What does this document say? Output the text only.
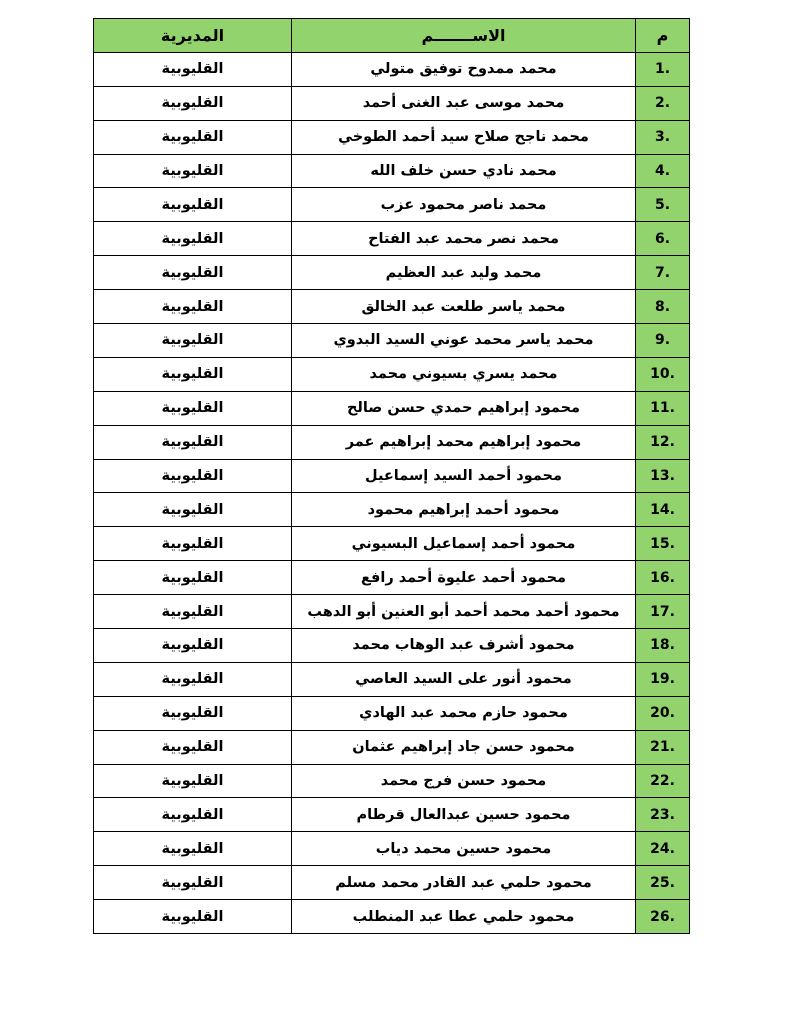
المديرية	الاســـــــم	م
القليوبية	محمد ممدوح توفيق متولي	1.
القليوبية	محمد موسى عبد الغنى أحمد	2.
القليوبية	محمد ناجح صلاح سيد أحمد الطوخي	3.
القليوبية	محمد نادي حسن خلف الله	4.
القليوبية	محمد ناصر محمود عزب	5.
القليوبية	محمد نصر محمد عبد الفتاح	6.
القليوبية	محمد وليد عبد العظيم	7.
القليوبية	محمد ياسر طلعت عبد الخالق	8.
القليوبية	محمد ياسر محمد عوني السيد البدوي	9.
القليوبية	محمد يسري بسيوني محمد	10.
القليوبية	محمود إبراهيم حمدي حسن صالح	11.
القليوبية	محمود إبراهيم محمد إبراهيم عمر	12.
القليوبية	محمود أحمد السيد إسماعيل	13.
القليوبية	محمود أحمد إبراهيم محمود	14.
القليوبية	محمود أحمد إسماعيل البسيوني	15.
القليوبية	محمود أحمد عليوة أحمد رافع	16.
القليوبية	محمود أحمد محمد أحمد أبو العنين أبو الدهب	17.
القليوبية	محمود أشرف عبد الوهاب محمد	18.
القليوبية	محمود أنور على السيد العاصي	19.
القليوبية	محمود حازم محمد عبد الهادي	20.
القليوبية	محمود حسن جاد إبراهيم عثمان	21.
القليوبية	محمود حسن فرج محمد	22.
القليوبية	محمود حسين عبدالعال قرطام	23.
القليوبية	محمود حسين محمد دياب	24.
القليوبية	محمود حلمي عبد القادر محمد مسلم	25.
القليوبية	محمود حلمي عطا عبد المنطلب	26.
